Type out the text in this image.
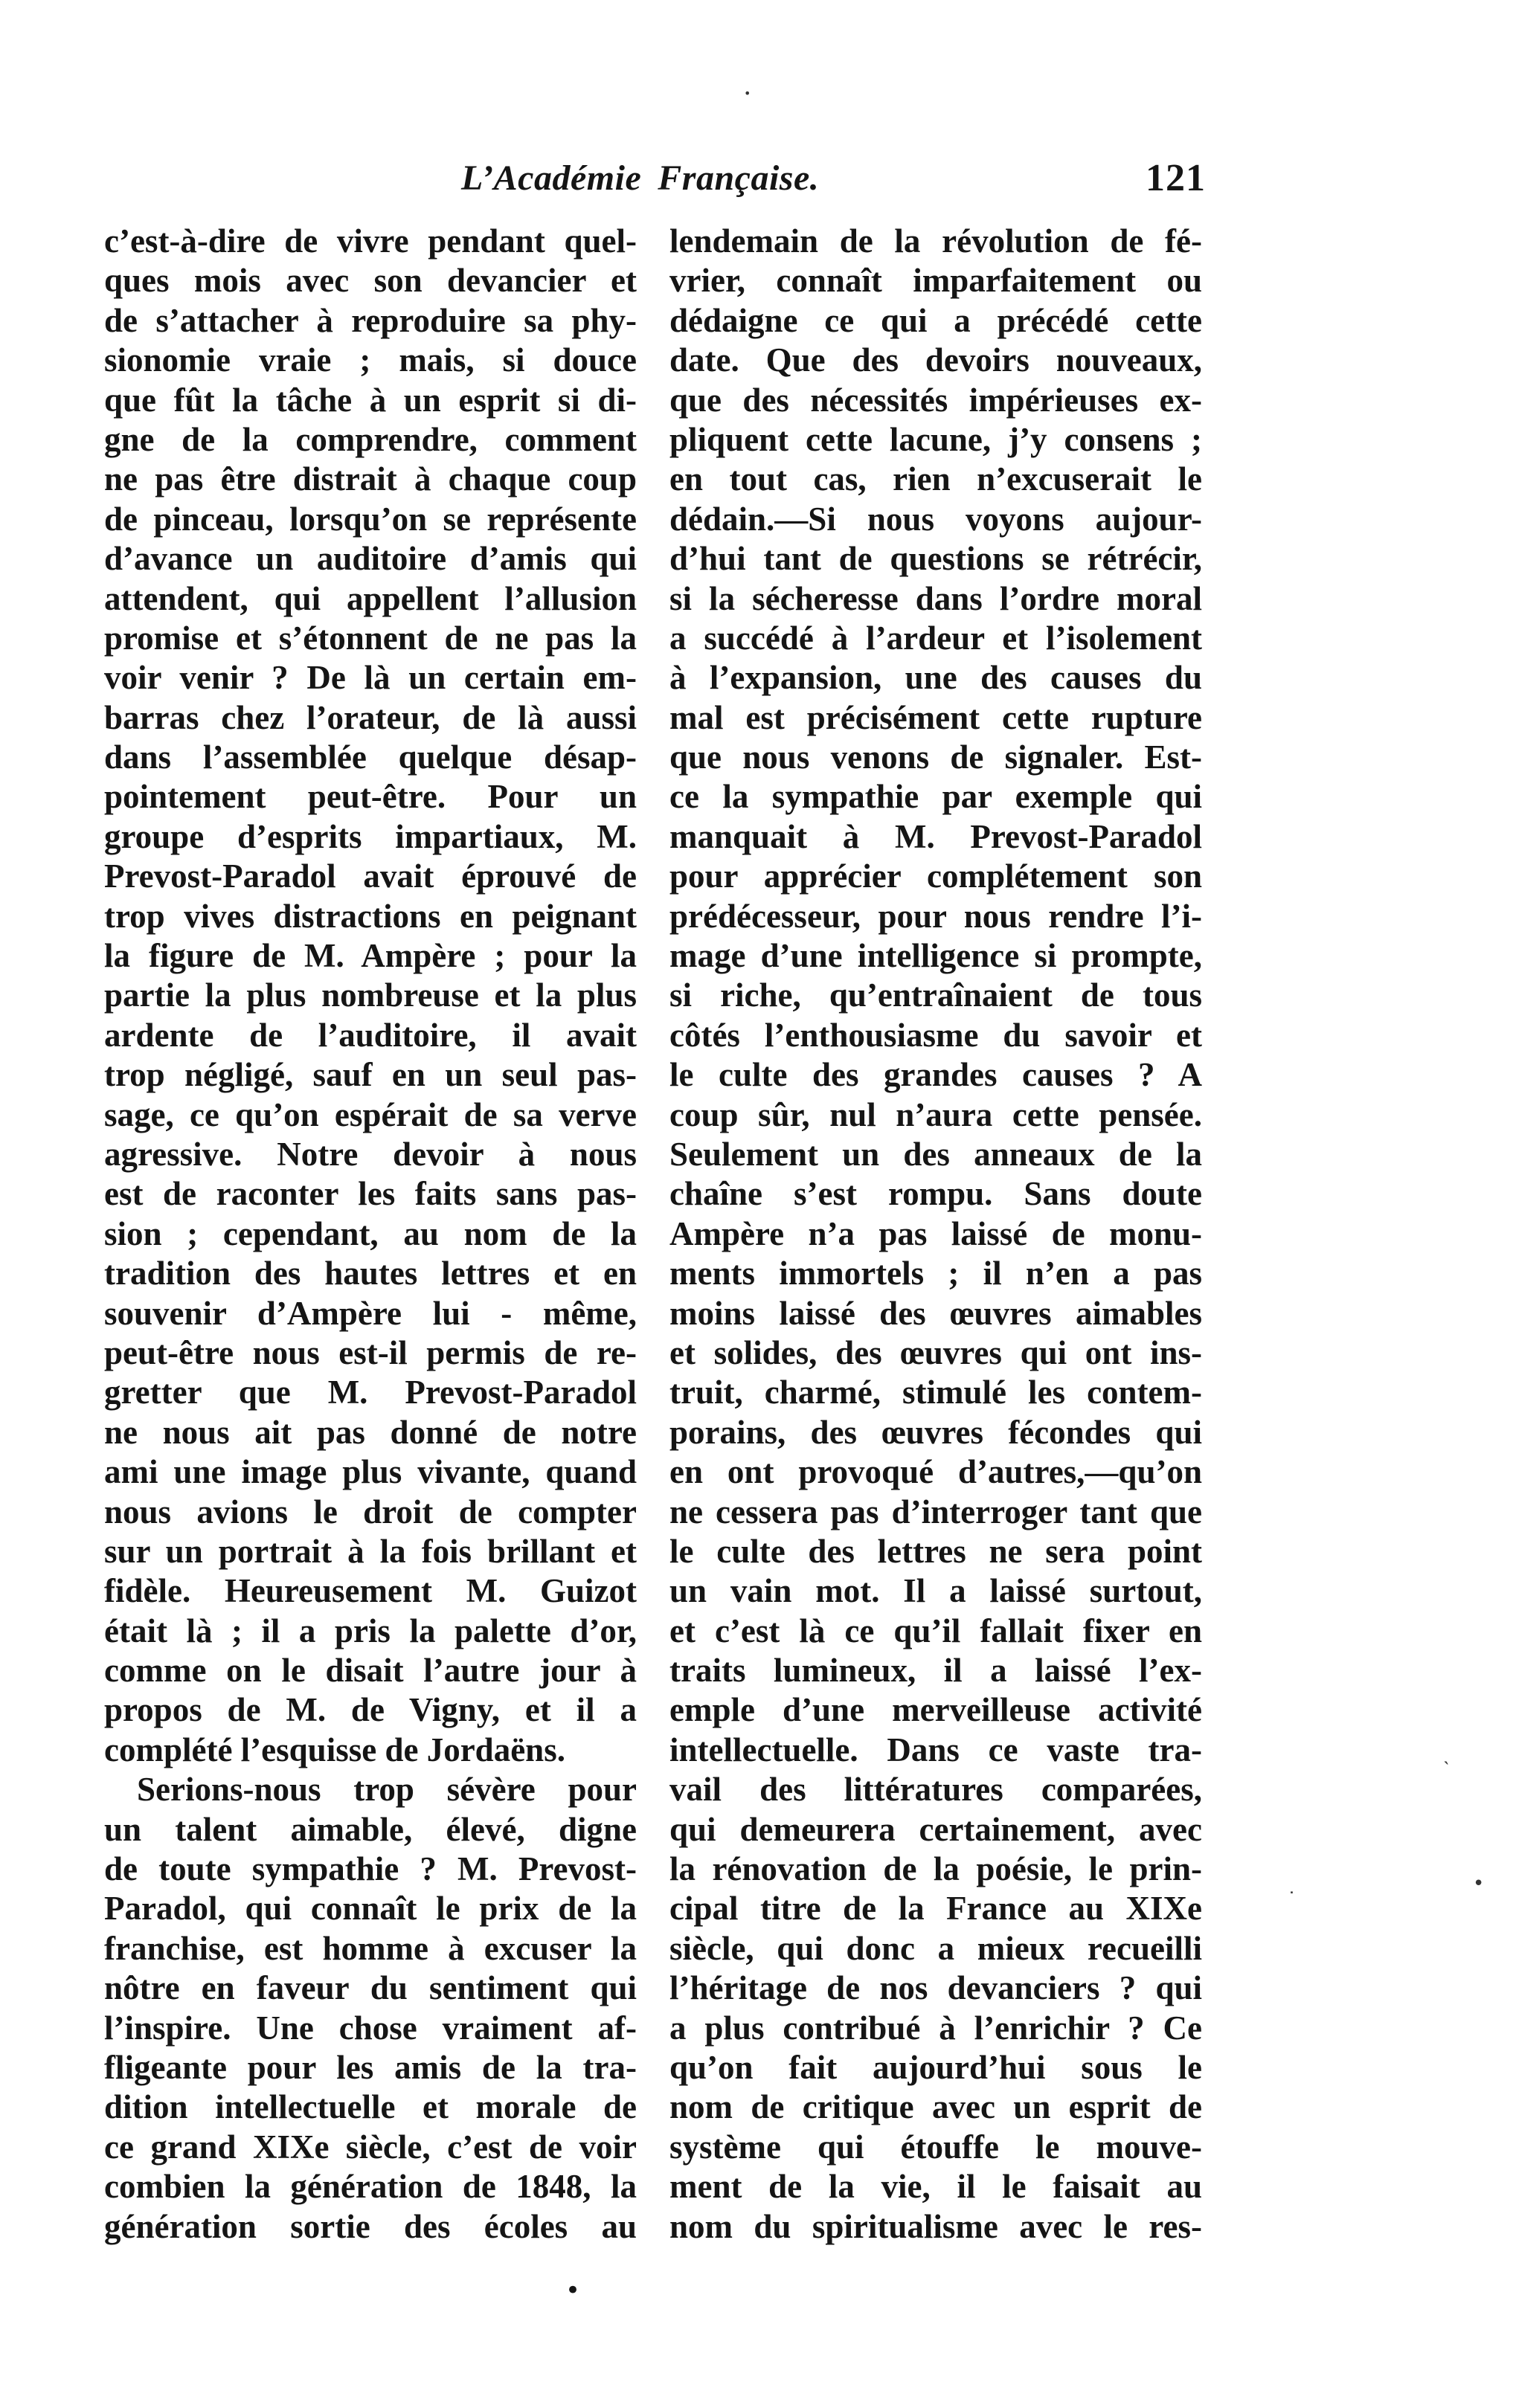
L’Académie Française.	121
c’est-à-dire de vivre pendant quel-
ques mois avec son devancier et
de s’attacher à reproduire sa phy-
sionomie vraie ; mais, si douce
que fût la tâche à un esprit si di-
gne de la comprendre, comment
ne pas être distrait à chaque coup
de pinceau, lorsqu’on se représente
d’avance un auditoire d’amis qui
attendent, qui appellent l’allusion
promise et s’étonnent de ne pas la
voir venir ? De là un certain em-
barras chez l’orateur, de là aussi
dans l’assemblée quelque désap-
pointement peut-être. Pour un
groupe d’esprits impartiaux, M.
Prevost-Paradol avait éprouvé de
trop vives distractions en peignant
la figure de M. Ampère ; pour la
partie la plus nombreuse et la plus
ardente de l’auditoire, il avait
trop négligé, sauf en un seul pas-
sage, ce qu’on espérait de sa verve
agressive. Notre devoir à nous
est de raconter les faits sans pas-
sion ; cependant, au nom de la
tradition des hautes lettres et en
souvenir d’Ampère lui - même,
peut-être nous est-il permis de re-
gretter que M. Prevost-Paradol
ne nous ait pas donné de notre
ami une image plus vivante, quand
nous avions le droit de compter
sur un portrait à la fois brillant et
fidèle. Heureusement M. Guizot
était là ; il a pris la palette d’or,
comme on le disait l’autre jour à
propos de M. de Vigny, et il a
complété l’esquisse de Jordaëns.
Serions-nous trop sévère pour
un talent aimable, élevé, digne
de toute sympathie ? M. Prevost-
Paradol, qui connaît le prix de la
franchise, est homme à excuser la
nôtre en faveur du sentiment qui
l’inspire. Une chose vraiment af-
fligeante pour les amis de la tra-
dition intellectuelle et morale de
ce grand XIXe siècle, c’est de voir
combien la génération de 1848, la
génération sortie des écoles au
lendemain de la révolution de fé-
vrier, connaît imparfaitement ou
dédaigne ce qui a précédé cette
date. Que des devoirs nouveaux,
que des nécessités impérieuses ex-
pliquent cette lacune, j’y consens ;
en tout cas, rien n’excuserait le
dédain.—Si nous voyons aujour-
d’hui tant de questions se rétrécir,
si la sécheresse dans l’ordre moral
a succédé à l’ardeur et l’isolement
à l’expansion, une des causes du
mal est précisément cette rupture
que nous venons de signaler. Est-
ce la sympathie par exemple qui
manquait à M. Prevost-Paradol
pour apprécier complétement son
prédécesseur, pour nous rendre l’i-
mage d’une intelligence si prompte,
si riche, qu’entraînaient de tous
côtés l’enthousiasme du savoir et
le culte des grandes causes ? A
coup sûr, nul n’aura cette pensée.
Seulement un des anneaux de la
chaîne s’est rompu. Sans doute
Ampère n’a pas laissé de monu-
ments immortels ; il n’en a pas
moins laissé des œuvres aimables
et solides, des œuvres qui ont ins-
truit, charmé, stimulé les contem-
porains, des œuvres fécondes qui
en ont provoqué d’autres,—qu’on
ne cessera pas d’interroger tant que
le culte des lettres ne sera point
un vain mot. Il a laissé surtout,
et c’est là ce qu’il fallait fixer en
traits lumineux, il a laissé l’ex-
emple d’une merveilleuse activité
intellectuelle. Dans ce vaste tra-
vail des littératures comparées,
qui demeurera certainement, avec
la rénovation de la poésie, le prin-
cipal titre de la France au XIXe
siècle, qui donc a mieux recueilli
l’héritage de nos devanciers ? qui
a plus contribué à l’enrichir ? Ce
qu’on fait aujourd’hui sous le
nom de critique avec un esprit de
système qui étouffe le mouve-
ment de la vie, il le faisait au
nom du spiritualisme avec le res-
•
˴
•
˙
•
